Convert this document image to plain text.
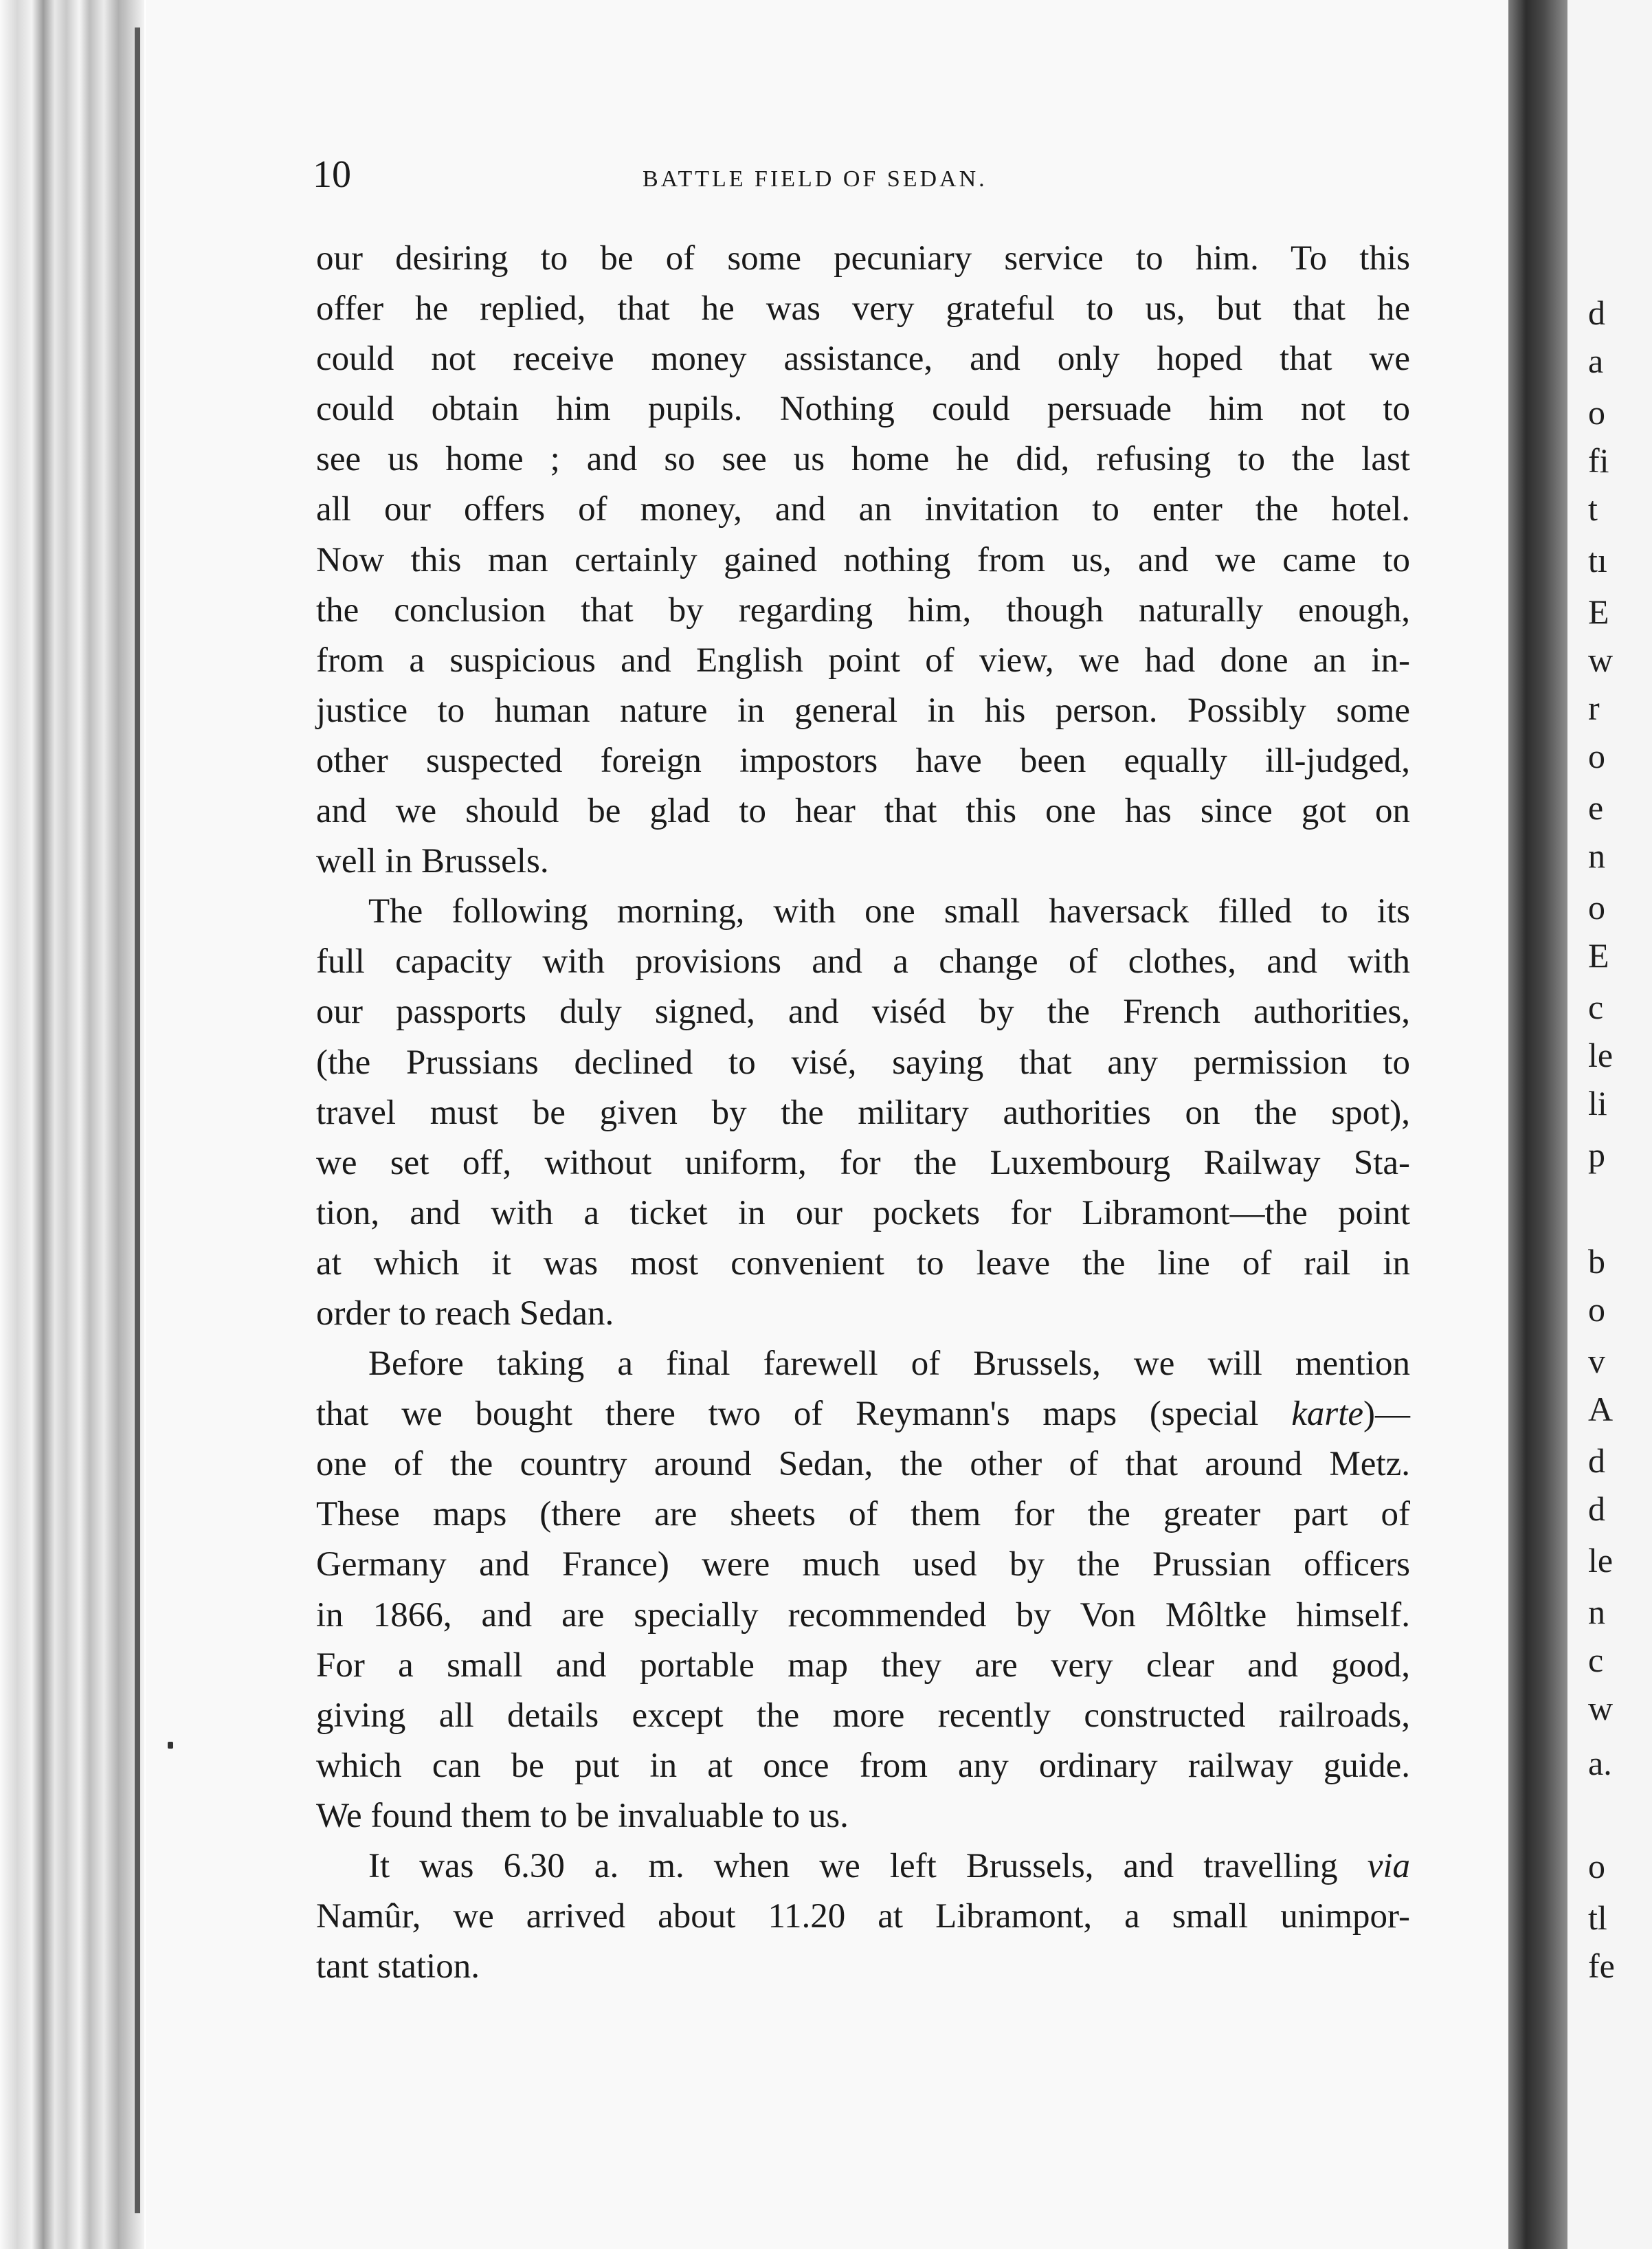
d
a
o
fi
t
tı
E
w
r
o
e
n
o
E
c
le
li
p
b
o
v
A
d
d
le
n
c
w
a.
o
tl
fe
10	BATTLE FIELD OF SEDAN.
our desiring to be of some pecuniary service to him. To this
offer he replied, that he was very grateful to us, but that he
could not receive money assistance, and only hoped that we
could obtain him pupils. Nothing could persuade him not to
see us home ; and so see us home he did, refusing to the last
all our offers of money, and an invitation to enter the hotel.
Now this man certainly gained nothing from us, and we came to
the conclusion that by regarding him, though naturally enough,
from a suspicious and English point of view, we had done an in-
justice to human nature in general in his person. Possibly some
other suspected foreign impostors have been equally ill-judged,
and we should be glad to hear that this one has since got on
well in Brussels.
The following morning, with one small haversack filled to its
full capacity with provisions and a change of clothes, and with
our passports duly signed, and viséd by the French authorities,
(the Prussians declined to visé, saying that any permission to
travel must be given by the military authorities on the spot),
we set off, without uniform, for the Luxembourg Railway Sta-
tion, and with a ticket in our pockets for Libramont—the point
at which it was most convenient to leave the line of rail in
order to reach Sedan.
Before taking a final farewell of Brussels, we will mention
that we bought there two of Reymann's maps (special karte)—
one of the country around Sedan, the other of that around Metz.
These maps (there are sheets of them for the greater part of
Germany and France) were much used by the Prussian officers
in 1866, and are specially recommended by Von Môltke himself.
For a small and portable map they are very clear and good,
giving all details except the more recently constructed railroads,
which can be put in at once from any ordinary railway guide.
We found them to be invaluable to us.
It was 6.30 a. m. when we left Brussels, and travelling via
Namûr, we arrived about 11.20 at Libramont, a small unimpor-
tant station.
